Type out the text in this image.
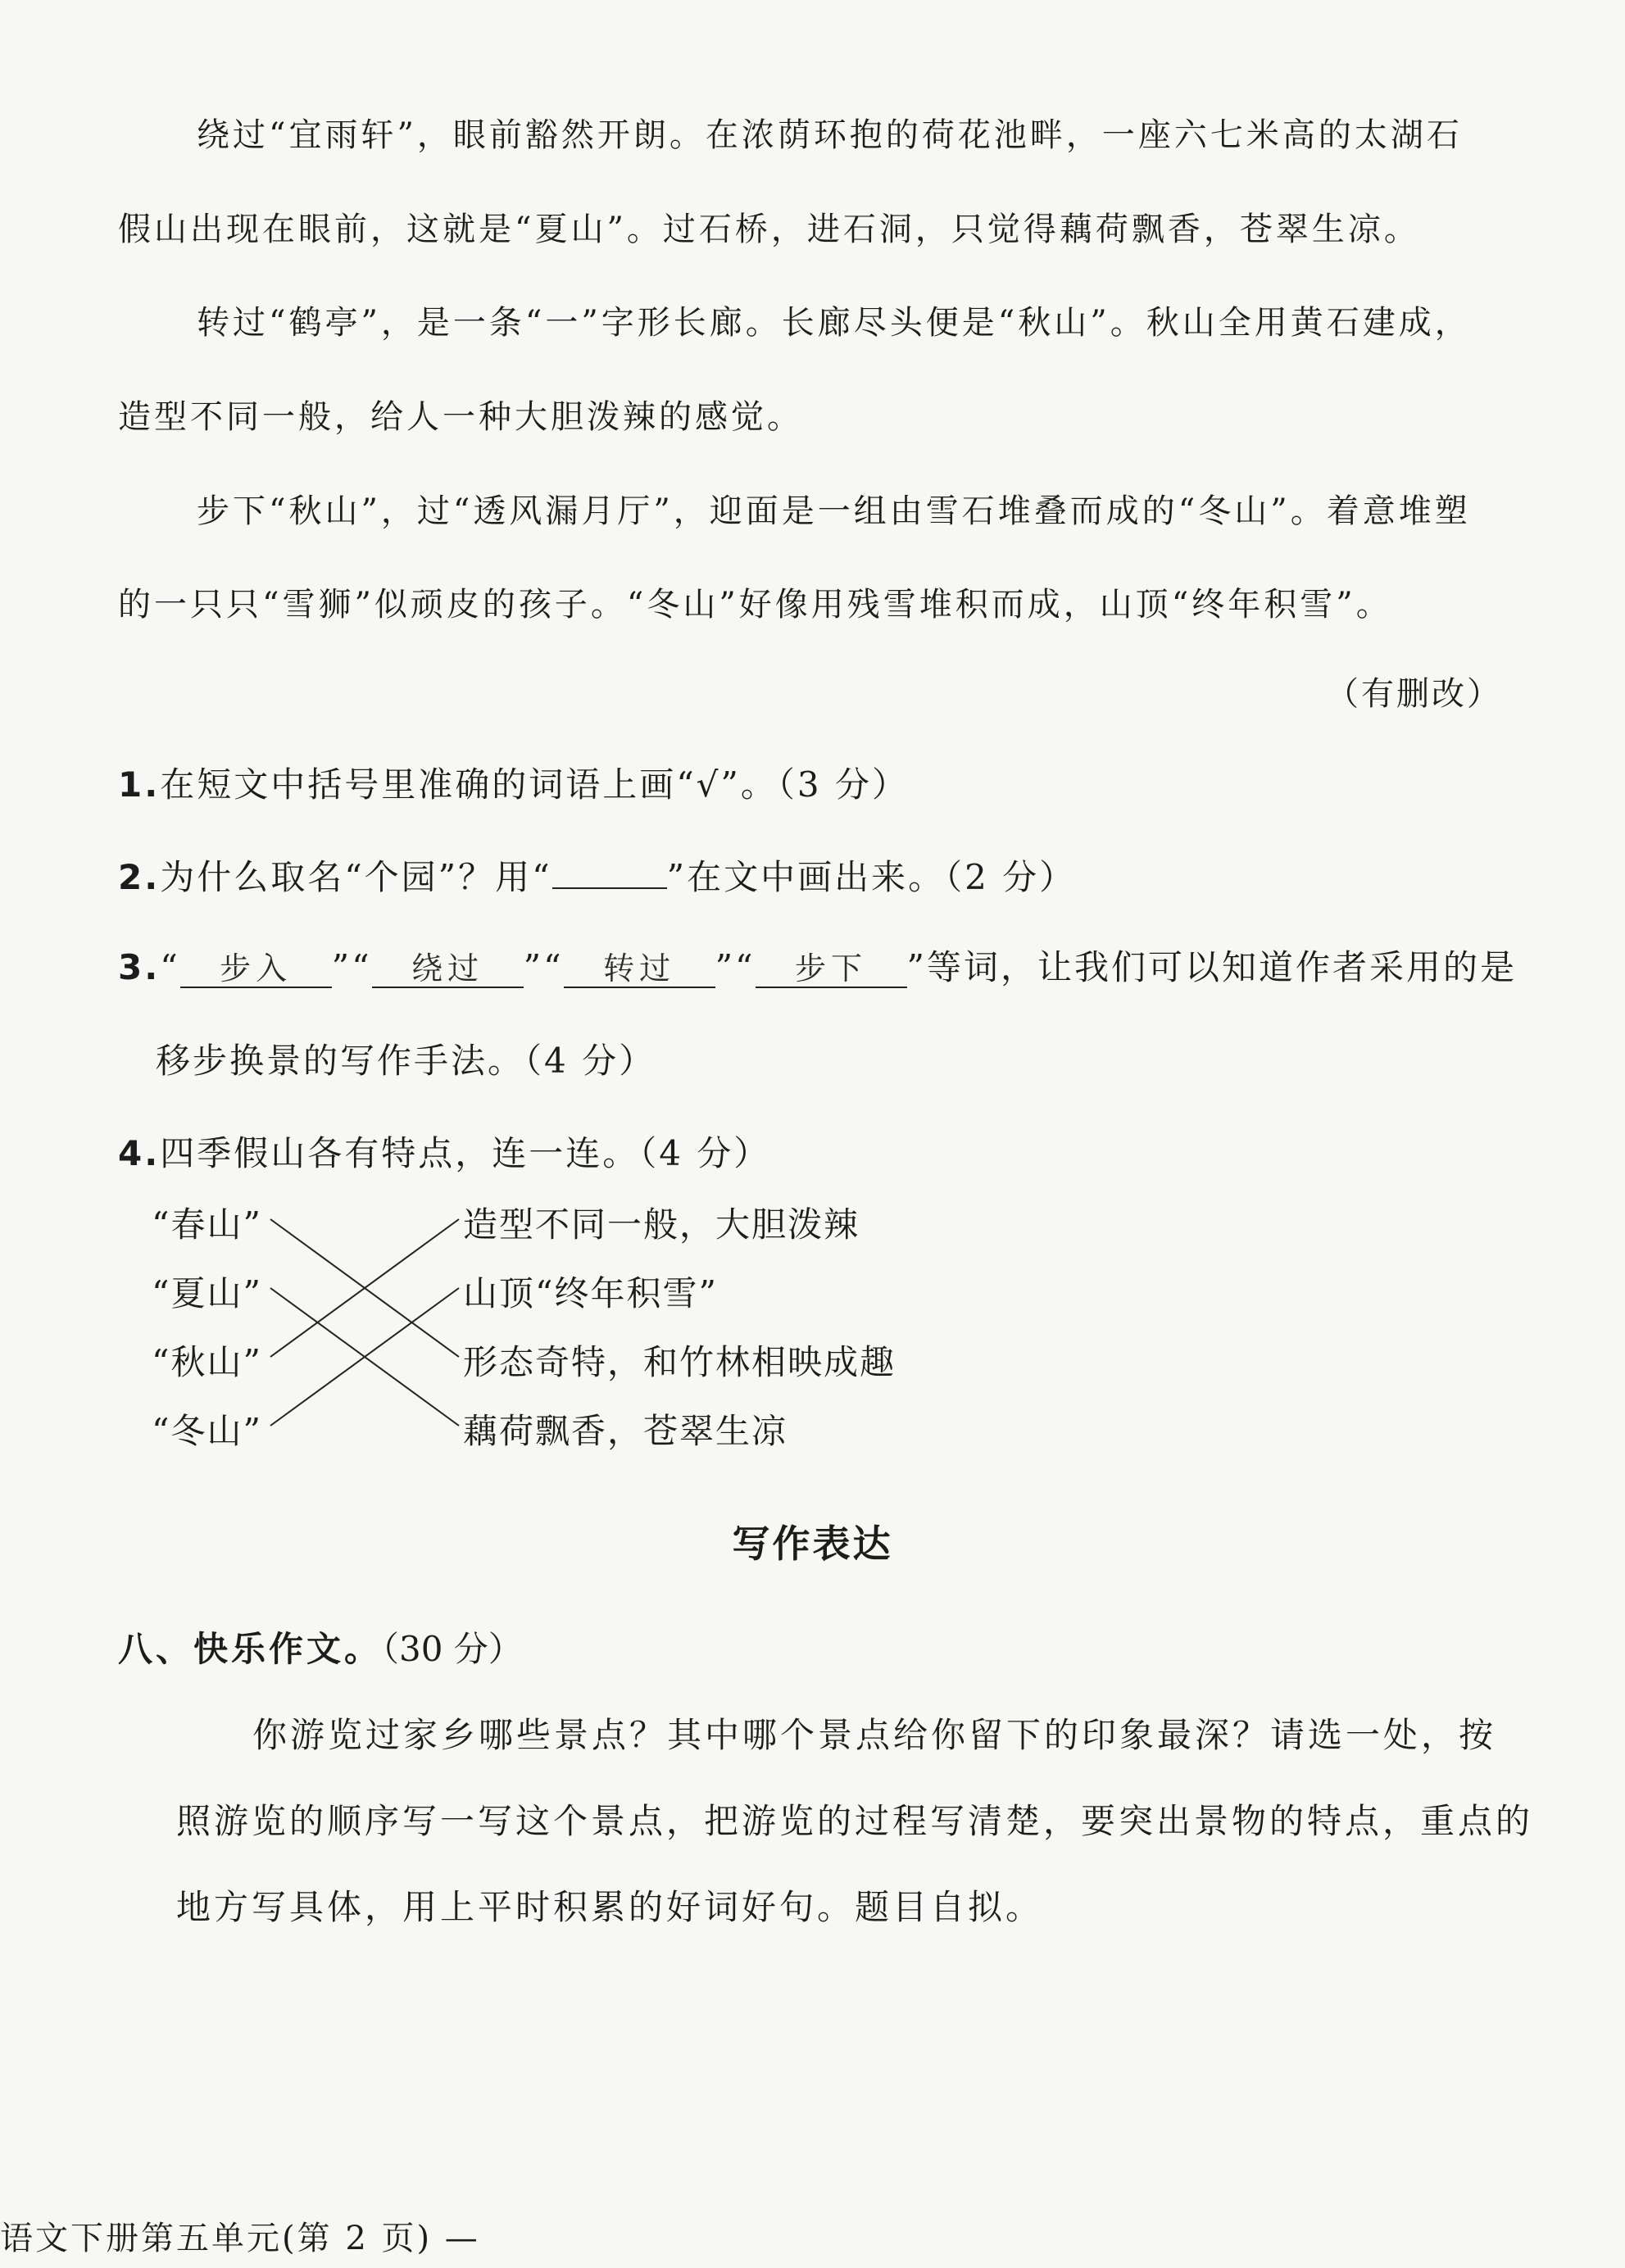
绕过“宜雨轩”，眼前豁然开朗。在浓荫环抱的荷花池畔，一座六七米高的太湖石
假山出现在眼前，这就是“夏山”。过石桥，进石洞，只觉得藕荷飘香，苍翠生凉。
转过“鹤亭”，是一条“一”字形长廊。长廊尽头便是“秋山”。秋山全用黄石建成，
造型不同一般，给人一种大胆泼辣的感觉。
步下“秋山”，过“透风漏月厅”，迎面是一组由雪石堆叠而成的“冬山”。着意堆塑
的一只只“雪狮”似顽皮的孩子。“冬山”好像用残雪堆积而成，山顶“终年积雪”。
（有删改）
1.在短文中括号里准确的词语上画“√”。（3 分）
2.为什么取名“个园”？用“	”在文中画出来。（2 分）
3.“ 步入 ”“ 绕过 ”“ 转过 ”“ 步下 ”等词，让我们可以知道作者采用的是
移步换景的写作手法。（4 分）
4.四季假山各有特点，连一连。（4 分）
“春山”
“夏山”
“秋山”
“冬山”
造型不同一般，大胆泼辣
山顶“终年积雪”
形态奇特，和竹林相映成趣
藕荷飘香，苍翠生凉
写作表达
八、快乐作文。（30 分）
你游览过家乡哪些景点？其中哪个景点给你留下的印象最深？请选一处，按
照游览的顺序写一写这个景点，把游览的过程写清楚，要突出景物的特点，重点的
地方写具体，用上平时积累的好词好句。题目自拟。
语文下册第五单元(第 2 页) —
